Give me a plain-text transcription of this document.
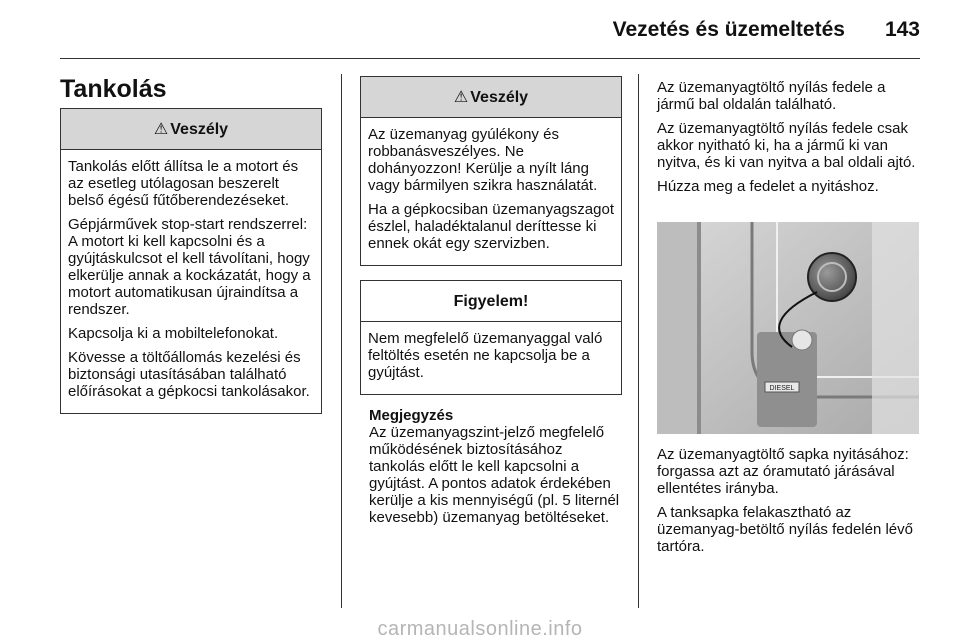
Vezetés és üzemeltetés 143
Tankolás
⚠ Veszély

Tankolás előtt állítsa le a motort és az esetleg utólagosan beszerelt belső égésű fűtőberendezéseket.

Gépjárművek stop-start rendszerrel: A motort ki kell kapcsolni és a gyújtáskulcsot el kell távolítani, hogy elkerülje annak a kockázatát, hogy a motort automatikusan újraindítsa a rendszer.

Kapcsolja ki a mobiltelefonokat.

Kövesse a töltőállomás kezelési és biztonsági utasításában található előírásokat a gépkocsi tankolásakor.

⚠ Veszély

Az üzemanyag gyúlékony és robbanásveszélyes. Ne dohányozzon! Kerülje a nyílt láng vagy bármilyen szikra használatát.

Ha a gépkocsiban üzemanyagszagot észlel, haladéktalanul deríttesse ki ennek okát egy szervizben.

Figyelem!

Nem megfelelő üzemanyaggal való feltöltés esetén ne kapcsolja be a gyújtást.

Megjegyzés

Az üzemanyagszint-jelző megfelelő működésének biztosításához tankolás előtt le kell kapcsolni a gyújtást. A pontos adatok érdekében kerülje a kis mennyiségű (pl. 5 liternél kevesebb) üzemanyag betöltéseket.

Az üzemanyagtöltő nyílás fedele a jármű bal oldalán található.

Az üzemanyagtöltő nyílás fedele csak akkor nyitható ki, ha a jármű ki van nyitva, és ki van nyitva a bal oldali ajtó.

Húzza meg a fedelet a nyitáshoz.

DIESEL

Az üzemanyagtöltő sapka nyitásához: forgassa azt az óramutató járásával ellentétes irányba.

A tanksapka felakasztható az üzemanyag-betöltő nyílás fedelén lévő tartóra.

carmanualsonline.info
